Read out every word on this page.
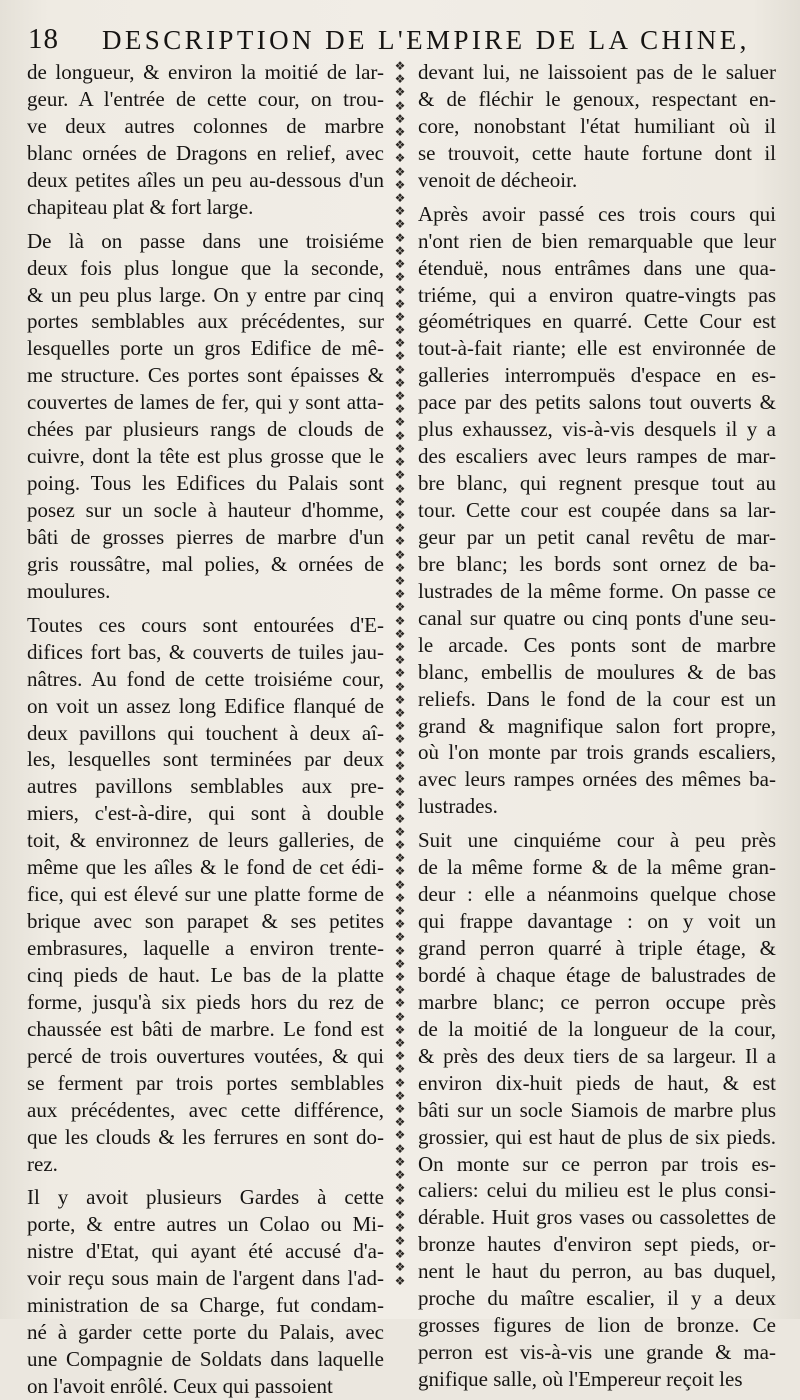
18 DESCRIPTION DE L'EMPIRE DE LA CHINE,
de longueur, & environ la moitié de lar-
geur. A l'entrée de cette cour, on trou-
ve deux autres colonnes de marbre
blanc ornées de Dragons en relief, avec
deux petites aîles un peu au-dessous d'un
chapiteau plat & fort large.
De là on passe dans une troisiéme
deux fois plus longue que la seconde,
& un peu plus large. On y entre par cinq
portes semblables aux précédentes, sur
lesquelles porte un gros Edifice de mê-
me structure. Ces portes sont épaisses &
couvertes de lames de fer, qui y sont atta-
chées par plusieurs rangs de clouds de
cuivre, dont la tête est plus grosse que le
poing. Tous les Edifices du Palais sont
posez sur un socle à hauteur d'homme,
bâti de grosses pierres de marbre d'un
gris roussâtre, mal polies, & ornées de
moulures.
Toutes ces cours sont entourées d'E-
difices fort bas, & couverts de tuiles jau-
nâtres. Au fond de cette troisiéme cour,
on voit un assez long Edifice flanqué de
deux pavillons qui touchent à deux aî-
les, lesquelles sont terminées par deux
autres pavillons semblables aux pre-
miers, c'est-à-dire, qui sont à double
toit, & environnez de leurs galleries, de
même que les aîles & le fond de cet édi-
fice, qui est élevé sur une platte forme de
brique avec son parapet & ses petites
embrasures, laquelle a environ trente-
cinq pieds de haut. Le bas de la platte
forme, jusqu'à six pieds hors du rez de
chaussée est bâti de marbre. Le fond est
percé de trois ouvertures voutées, & qui
se ferment par trois portes semblables
aux précédentes, avec cette différence,
que les clouds & les ferrures en sont do-
rez.
Il y avoit plusieurs Gardes à cette
porte, & entre autres un Colao ou Mi-
nistre d'Etat, qui ayant été accusé d'a-
voir reçu sous main de l'argent dans l'ad-
ministration de sa Charge, fut condam-
né à garder cette porte du Palais, avec
une Compagnie de Soldats dans laquelle
on l'avoit enrôlé. Ceux qui passoient
❖
❖
❖
❖
❖
❖
❖
❖
❖
❖
❖
❖
❖
❖
❖
❖
❖
❖
❖
❖
❖
❖
❖
❖
❖
❖
❖
❖
❖
❖
❖
❖
❖
❖
❖
❖
❖
❖
❖
❖
❖
❖
❖
❖
❖
❖
❖
❖
❖
❖
❖
❖
❖
❖
❖
❖
❖
❖
❖
❖
❖
❖
❖
❖
❖
❖
❖
❖
❖
❖
❖
❖
❖
❖
❖
❖
❖
❖
❖
❖
❖
❖
❖
❖
❖
❖
❖
❖
❖
❖
❖
❖
❖
devant lui, ne laissoient pas de le saluer
& de fléchir le genoux, respectant en-
core, nonobstant l'état humiliant où il
se trouvoit, cette haute fortune dont il
venoit de décheoir.
Après avoir passé ces trois cours qui
n'ont rien de bien remarquable que leur
étenduë, nous entrâmes dans une qua-
triéme, qui a environ quatre-vingts pas
géométriques en quarré. Cette Cour est
tout-à-fait riante; elle est environnée de
galleries interrompuës d'espace en es-
pace par des petits salons tout ouverts &
plus exhaussez, vis-à-vis desquels il y a
des escaliers avec leurs rampes de mar-
bre blanc, qui regnent presque tout au
tour. Cette cour est coupée dans sa lar-
geur par un petit canal revêtu de mar-
bre blanc; les bords sont ornez de ba-
lustrades de la même forme. On passe ce
canal sur quatre ou cinq ponts d'une seu-
le arcade. Ces ponts sont de marbre
blanc, embellis de moulures & de bas
reliefs. Dans le fond de la cour est un
grand & magnifique salon fort propre,
où l'on monte par trois grands escaliers,
avec leurs rampes ornées des mêmes ba-
lustrades.
Suit une cinquiéme cour à peu près
de la même forme & de la même gran-
deur : elle a néanmoins quelque chose
qui frappe davantage : on y voit un
grand perron quarré à triple étage, &
bordé à chaque étage de balustrades de
marbre blanc; ce perron occupe près
de la moitié de la longueur de la cour,
& près des deux tiers de sa largeur. Il a
environ dix-huit pieds de haut, & est
bâti sur un socle Siamois de marbre plus
grossier, qui est haut de plus de six pieds.
On monte sur ce perron par trois es-
caliers: celui du milieu est le plus consi-
dérable. Huit gros vases ou cassolettes de
bronze hautes d'environ sept pieds, or-
nent le haut du perron, au bas duquel,
proche du maître escalier, il y a deux
grosses figures de lion de bronze. Ce
perron est vis-à-vis une grande & ma-
gnifique salle, où l'Empereur reçoit les
